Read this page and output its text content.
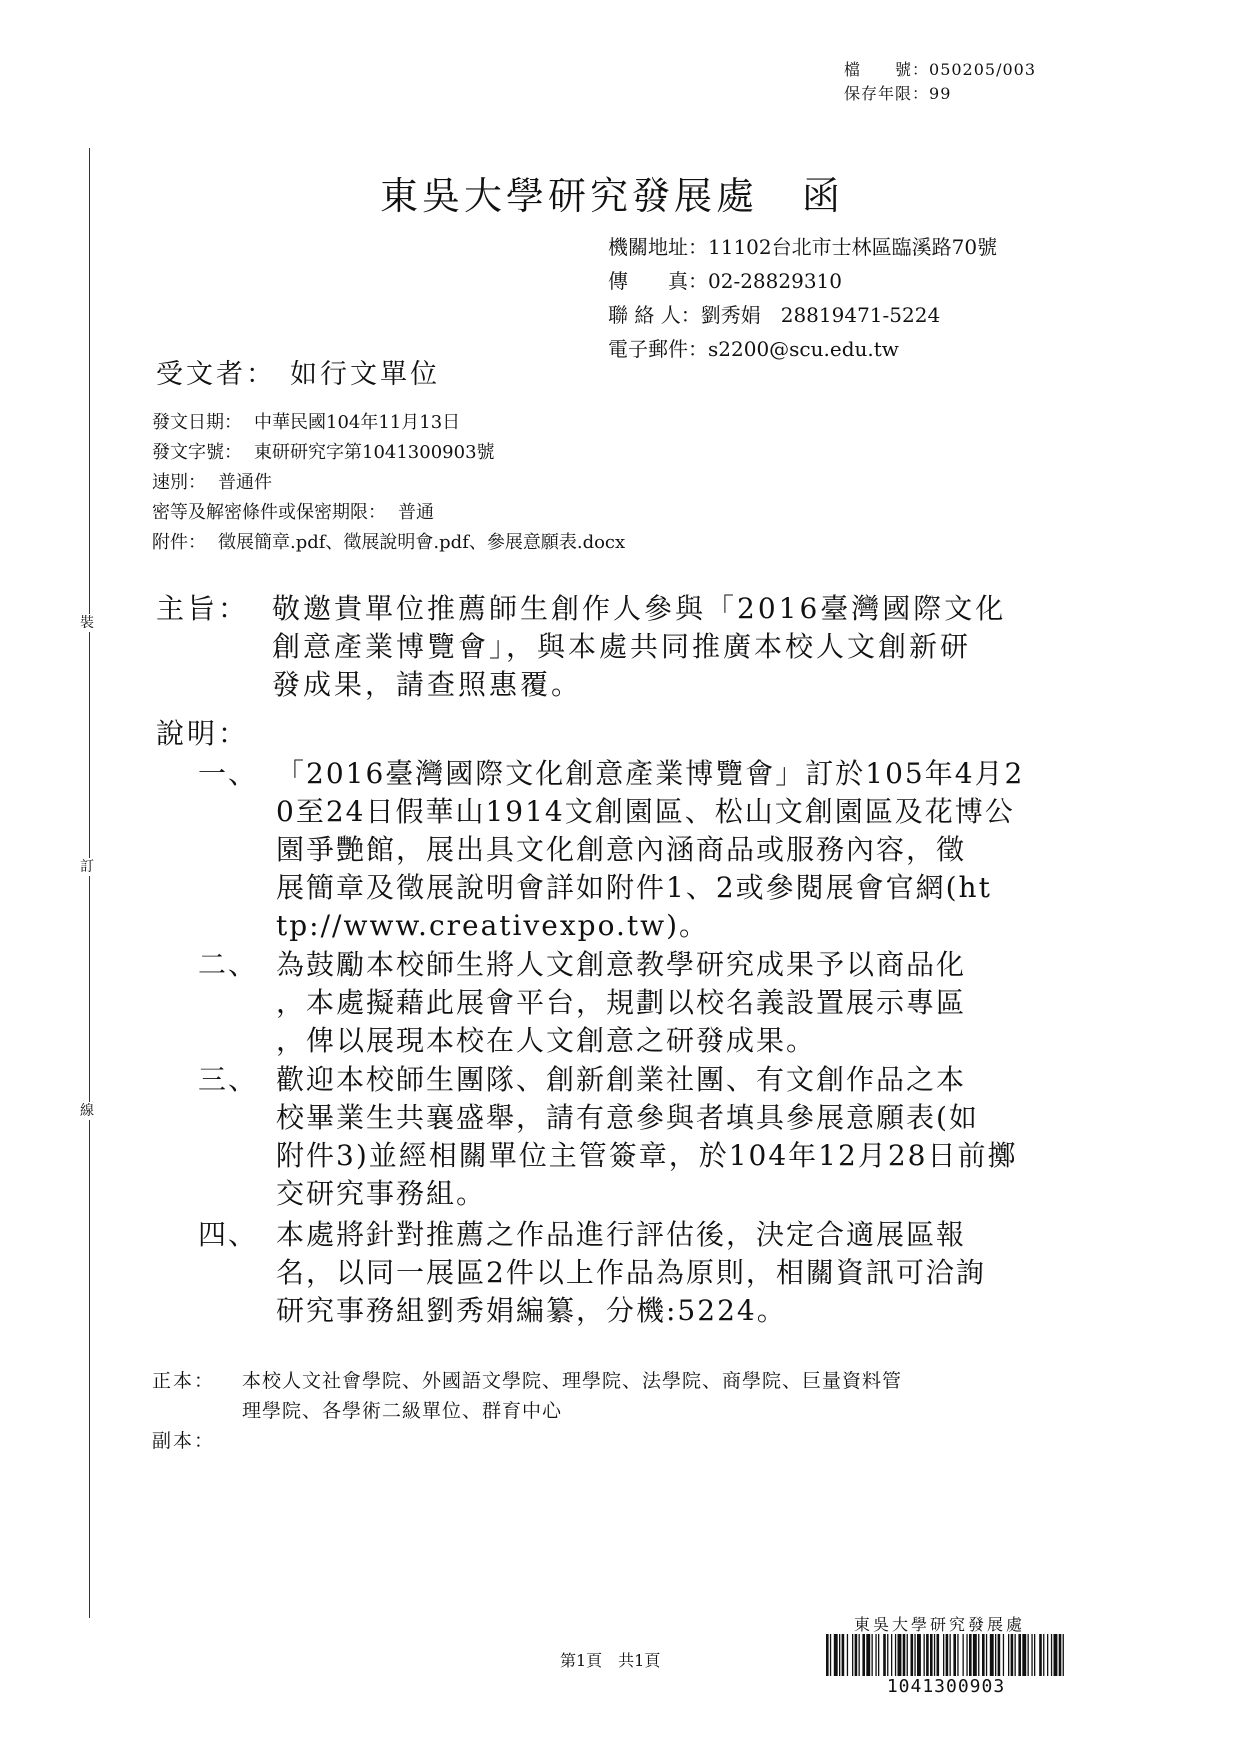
裝
訂
線
檔　　號：050205/003
保存年限：99
東吳大學研究發展處 函
機關地址：11102台北市士林區臨溪路70號
傳　　真：02-28829310
聯 絡 人：劉秀娟　28819471-5224
電子郵件：s2200@scu.edu.tw
受文者： 如行文單位
發文日期： 中華民國104年11月13日
發文字號： 東研研究字第1041300903號
速別： 普通件
密等及解密條件或保密期限： 普通
附件： 徵展簡章.pdf、徵展說明會.pdf、參展意願表.docx
主旨： 敬邀貴單位推薦師生創作人參與「2016臺灣國際文化
創意產業博覽會」，與本處共同推廣本校人文創新研
發成果，請查照惠覆。
說明：
一、 「2016臺灣國際文化創意產業博覽會」訂於105年4月2
0至24日假華山1914文創園區、松山文創園區及花博公
園爭艷館，展出具文化創意內涵商品或服務內容，徵
展簡章及徵展說明會詳如附件1、2或參閱展會官網(ht
tp://www.creativexpo.tw)。
二、 為鼓勵本校師生將人文創意教學研究成果予以商品化
，本處擬藉此展會平台，規劃以校名義設置展示專區
，俾以展現本校在人文創意之研發成果。
三、 歡迎本校師生團隊、創新創業社團、有文創作品之本
校畢業生共襄盛舉，請有意參與者填具參展意願表(如
附件3)並經相關單位主管簽章，於104年12月28日前擲
交研究事務組。
四、 本處將針對推薦之作品進行評估後，決定合適展區報
名，以同一展區2件以上作品為原則，相關資訊可洽詢
研究事務組劉秀娟編纂，分機:5224。
正本： 本校人文社會學院、外國語文學院、理學院、法學院、商學院、巨量資料管
理學院、各學術二級單位、群育中心
副本：
第1頁　共1頁
東吳大學研究發展處
1041300903
